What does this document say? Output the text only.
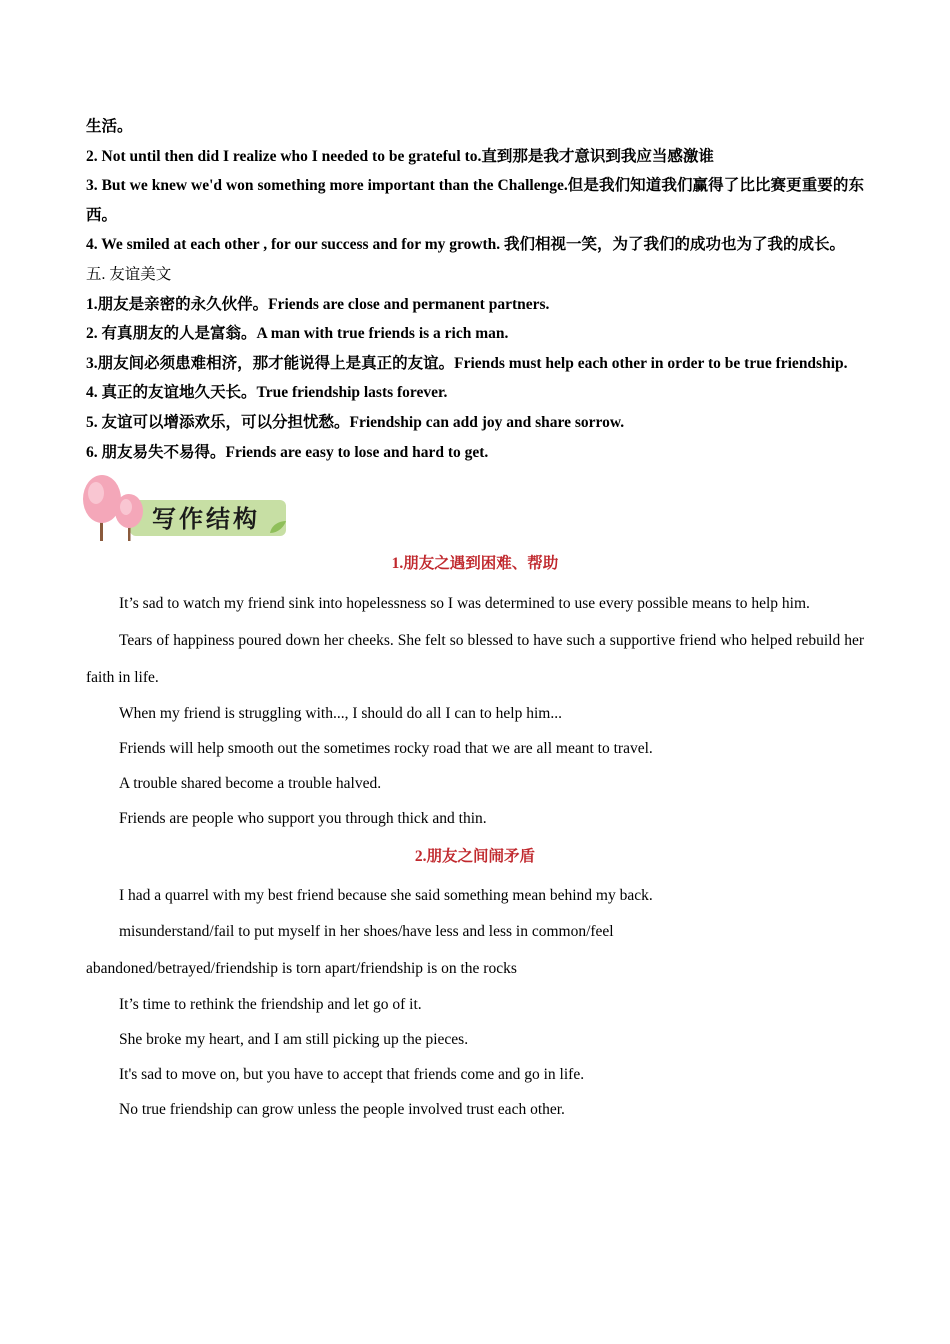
生活。

2. Not until then did I realize who I needed to be grateful to.直到那是我才意识到我应当感激谁

3. But we knew we'd won something more important than the Challenge.但是我们知道我们赢得了比比赛更重要的东西。

4. We smiled at each other , for our success and for my growth. 我们相视一笑，为了我们的成功也为了我的成长。

五. 友谊美文

1.朋友是亲密的永久伙伴。Friends are close and permanent partners.

2. 有真朋友的人是富翁。A man with true friends is a rich man.

3.朋友间必须患难相济，那才能说得上是真正的友谊。Friends must help each other in order to be true friendship.

4. 真正的友谊地久天长。True friendship lasts forever.

5. 友谊可以增添欢乐，可以分担忧愁。Friendship can add joy and share sorrow.

6. 朋友易失不易得。Friends are easy to lose and hard to get.

写作结构
1.朋友之遇到困难、帮助

It’s sad to watch my friend sink into hopelessness so I was determined to use every possible means to help him.

Tears of happiness poured down her cheeks. She felt so blessed to have such a supportive friend who helped rebuild her faith in life.

When my friend is struggling with..., I should do all I can to help him...

Friends will help smooth out the sometimes rocky road that we are all meant to travel.

A trouble shared become a trouble halved.

Friends are people who support you through thick and thin.

2.朋友之间闹矛盾

I had a quarrel with my best friend because she said something mean behind my back.

misunderstand/fail to put myself in her shoes/have less and less in common/feel

abandoned/betrayed/friendship is torn apart/friendship is on the rocks

It’s time to rethink the friendship and let go of it.

She broke my heart, and I am still picking up the pieces.

It's sad to move on, but you have to accept that friends come and go in life.

No true friendship can grow unless the people involved trust each other.
